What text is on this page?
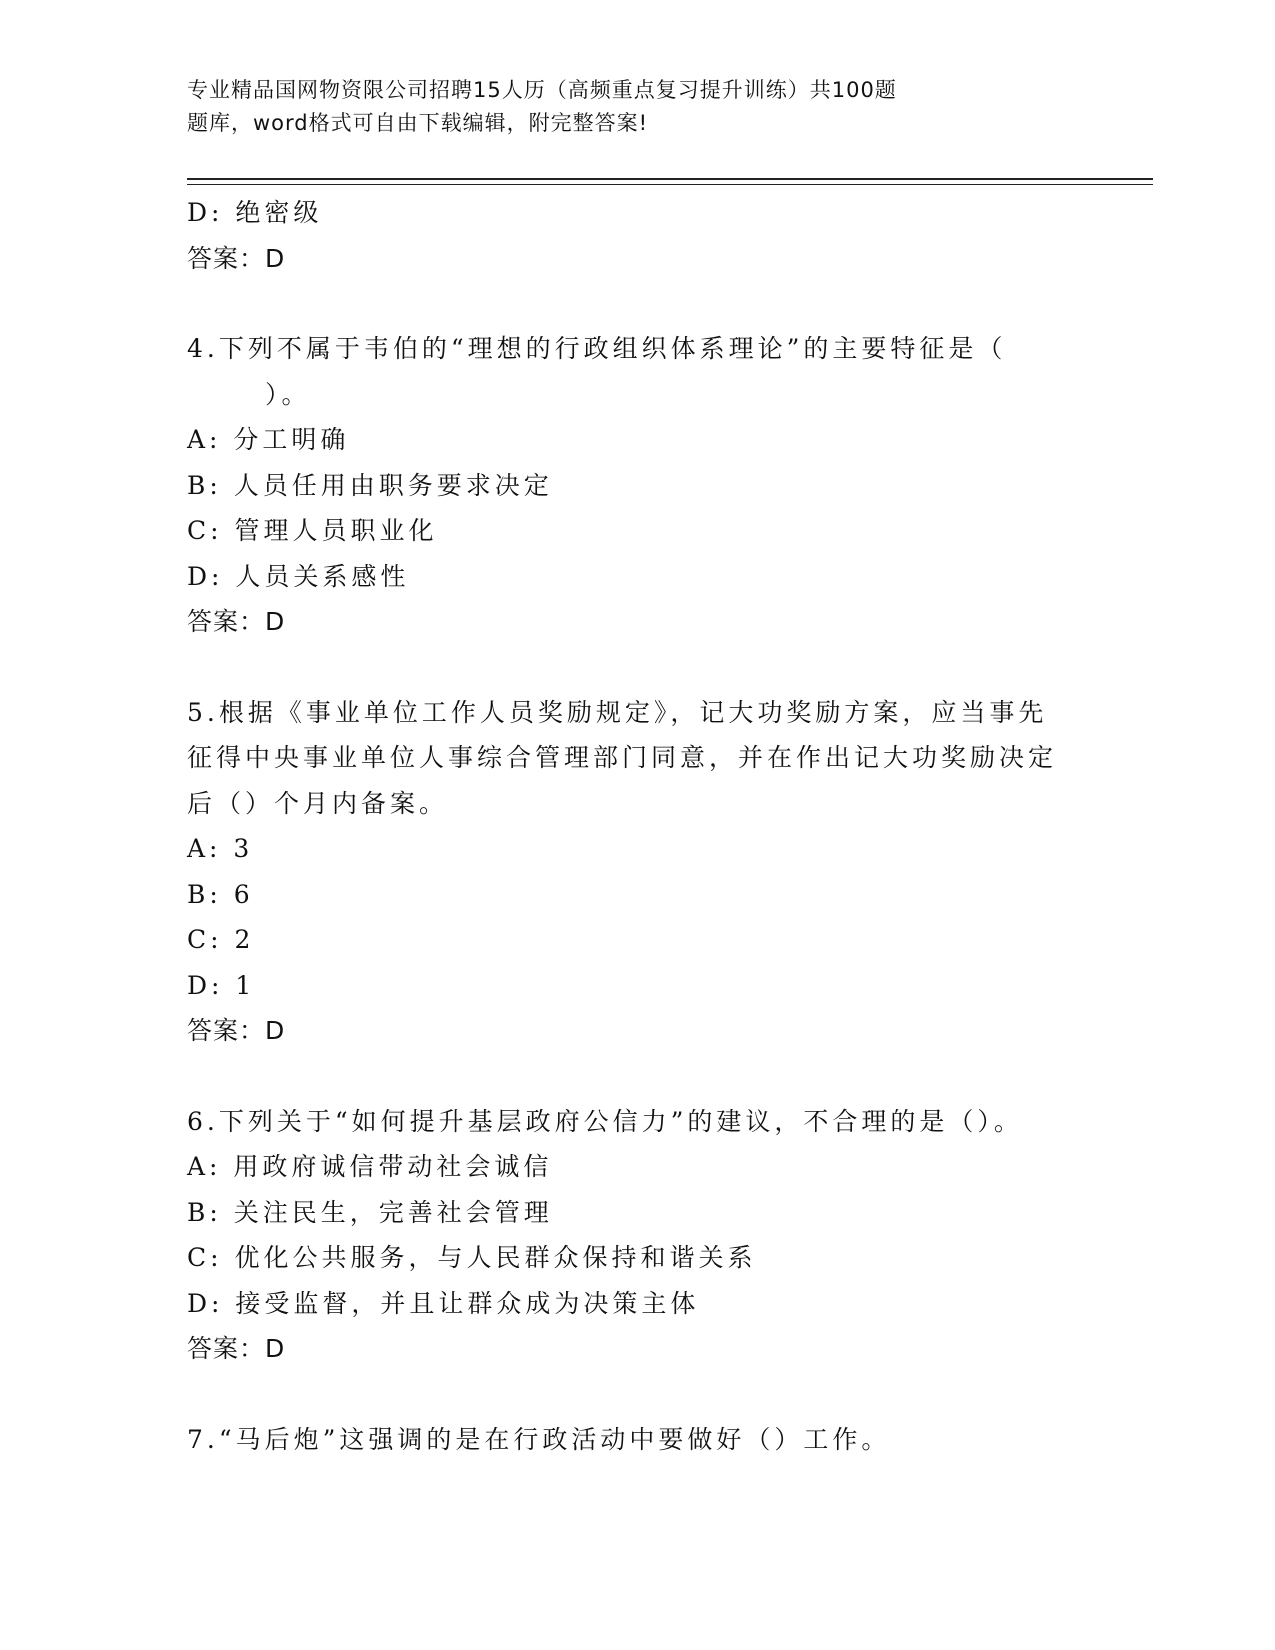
专业精品国网物资限公司招聘15人历（高频重点复习提升训练）共100题
题库，word格式可自由下载编辑，附完整答案!
D: 绝密级
答案：D
4.下列不属于韦伯的“理想的行政组织体系理论”的主要特征是（
）。
A: 分工明确
B: 人员任用由职务要求决定
C: 管理人员职业化
D: 人员关系感性
答案：D
5.根据《事业单位工作人员奖励规定》，记大功奖励方案，应当事先
征得中央事业单位人事综合管理部门同意，并在作出记大功奖励决定
后（）个月内备案。
A: 3
B: 6
C: 2
D: 1
答案：D
6.下列关于“如何提升基层政府公信力”的建议，不合理的是（）。
A: 用政府诚信带动社会诚信
B: 关注民生，完善社会管理
C: 优化公共服务，与人民群众保持和谐关系
D: 接受监督，并且让群众成为决策主体
答案：D
7.“马后炮”这强调的是在行政活动中要做好（）工作。
